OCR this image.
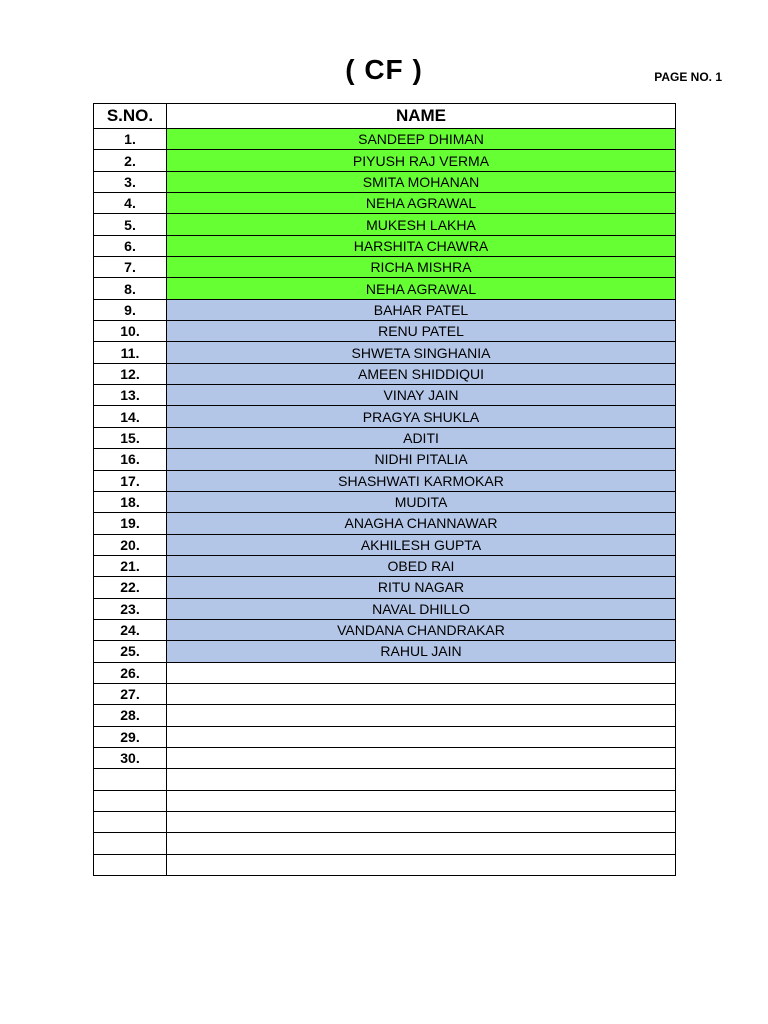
( CF )	PAGE NO. 1
S.NO.	NAME
1.	SANDEEP DHIMAN
2.	PIYUSH RAJ VERMA
3.	SMITA MOHANAN
4.	NEHA AGRAWAL
5.	MUKESH LAKHA
6.	HARSHITA CHAWRA
7.	RICHA MISHRA
8.	NEHA AGRAWAL
9.	BAHAR PATEL
10.	RENU PATEL
11.	SHWETA SINGHANIA
12.	AMEEN SHIDDIQUI
13.	VINAY JAIN
14.	PRAGYA SHUKLA
15.	ADITI
16.	NIDHI PITALIA
17.	SHASHWATI KARMOKAR
18.	MUDITA
19.	ANAGHA CHANNAWAR
20.	AKHILESH GUPTA
21.	OBED RAI
22.	RITU NAGAR
23.	NAVAL DHILLO
24.	VANDANA CHANDRAKAR
25.	RAHUL JAIN
26.	
27.	
28.	
29.	
30.	
